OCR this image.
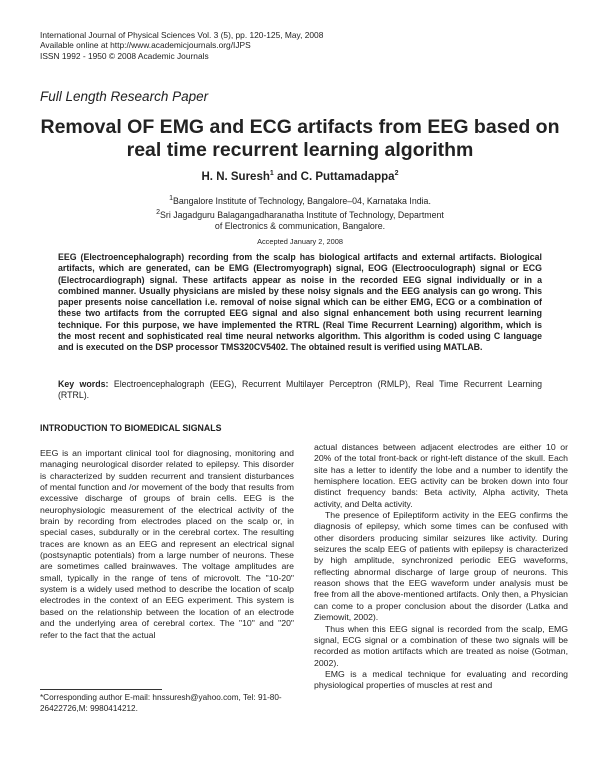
International Journal of Physical Sciences Vol. 3 (5), pp. 120-125, May, 2008
Available online at http://www.academicjournals.org/IJPS
ISSN 1992 - 1950 © 2008 Academic Journals
Full Length Research Paper
Removal OF EMG and ECG artifacts from EEG based on real time recurrent learning algorithm
H. N. Suresh$^1$ and C. Puttamadappa$^2$
$^1$Bangalore Institute of Technology, Bangalore–04, Karnataka India.
$^2$Sri Jagadguru Balagangadharanatha Institute of Technology, Department
of Electronics & communication, Bangalore.
Accepted January 2, 2008
EEG (Electroencephalograph) recording from the scalp has biological artifacts and external artifacts. Biological artifacts, which are generated, can be EMG (Electromyograph) signal, EOG (Electrooculograph) signal or ECG (Electrocardiograph) signal. These artifacts appear as noise in the recorded EEG signal individually or in a combined manner. Usually physicians are misled by these noisy signals and the EEG analysis can go wrong. This paper presents noise cancellation i.e. removal of noise signal which can be either EMG, ECG or a combination of these two artifacts from the corrupted EEG signal and also signal enhancement both using recurrent learning technique. For this purpose, we have implemented the RTRL (Real Time Recurrent Learning) algorithm, which is the most recent and sophisticated real time neural networks algorithm. This algorithm is coded using C language and is executed on the DSP processor TMS320CV5402. The obtained result is verified using MATLAB.
Key words: Electroencephalograph (EEG), Recurrent Multilayer Perceptron (RMLP), Real Time Recurrent Learning (RTRL).
INTRODUCTION TO BIOMEDICAL SIGNALS

EEG is an important clinical tool for diagnosing, monitoring and managing neurological disorder related to epilepsy. This disorder is characterized by sudden recurrent and transient disturbances of mental function and /or movement of the body that results from excessive discharge of groups of brain cells. EEG is the neurophysiologic measurement of the electrical activity of the brain by recording from electrodes placed on the scalp or, in special cases, subdurally or in the cerebral cortex. The resulting traces are known as an EEG and represent an electrical signal (postsynaptic potentials) from a large number of neurons. These are sometimes called brainwaves. The voltage amplitudes are small, typically in the range of tens of microvolt. The "10-20" system is a widely used method to describe the location of scalp electrodes in the context of an EEG experiment. This system is based on the relationship between the location of an electrode and the underlying area of cerebral cortex. The "10" and "20" refer to the fact that the actual

actual distances between adjacent electrodes are either 10 or 20% of the total front-back or right-left distance of the skull. Each site has a letter to identify the lobe and a number to identify the hemisphere location. EEG activity can be broken down into four distinct frequency bands: Beta activity, Alpha activity, Theta activity, and Delta activity.

The presence of Epileptiform activity in the EEG confirms the diagnosis of epilepsy, which some times can be confused with other disorders producing similar seizures like activity. During seizures the scalp EEG of patients with epilepsy is characterized by high amplitude, synchronized periodic EEG waveforms, reflecting abnormal discharge of large group of neurons. This reason shows that the EEG waveform under analysis must be free from all the above-mentioned artifacts. Only then, a Physician can come to a proper conclusion about the disorder (Latka and Ziemowit, 2002).

Thus when this EEG signal is recorded from the scalp, EMG signal, ECG signal or a combination of these two signals will be recorded as motion artifacts which are treated as noise (Gotman, 2002).

EMG is a medical technique for evaluating and recording physiological properties of muscles at rest and

*Corresponding author E-mail: hnssuresh@yahoo.com, Tel: 91-80-26422726,M: 9980414212.
